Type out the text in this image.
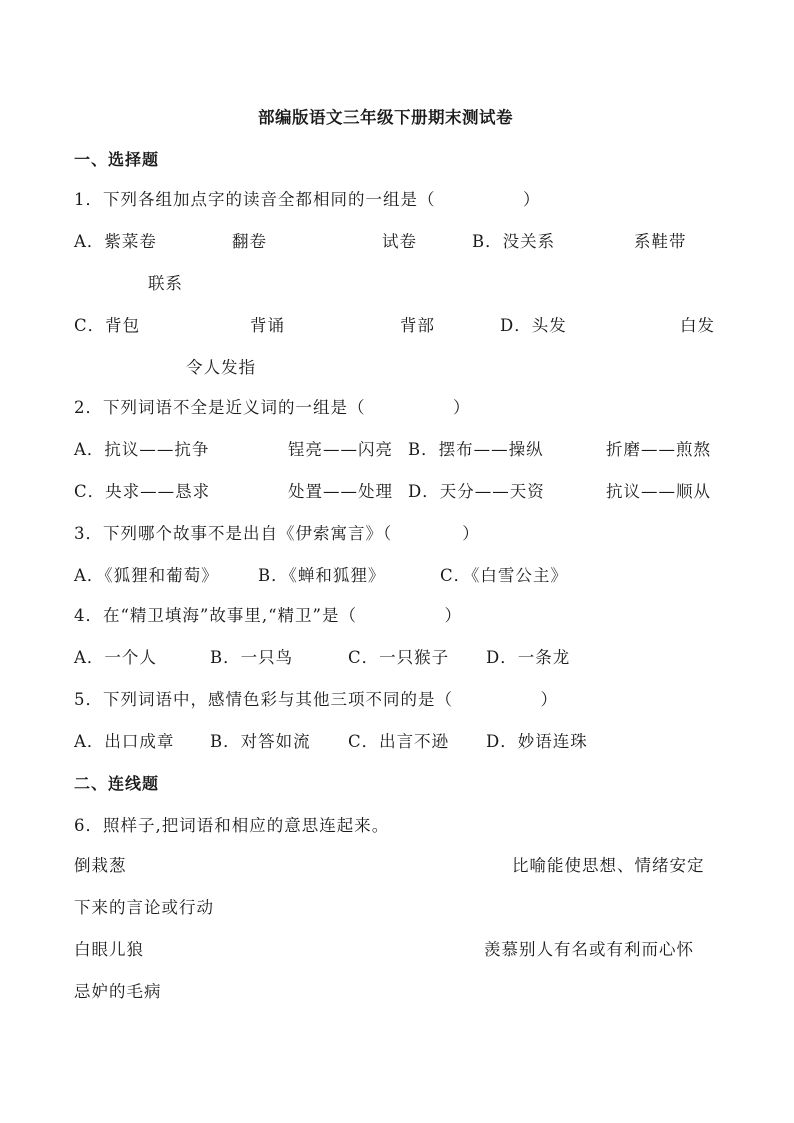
部编版语文三年级下册期末测试卷
一、选择题
1．下列各组加点字的读音全都相同的一组是（　　　　　）
A．紫菜卷	翻卷	试卷	B．没关系	系鞋带
联系
C．背包	背诵	背部	D．头发	白发
令人发指
2．下列词语不全是近义词的一组是（　　　　　）
A．抗议——抗争	锃亮——闪亮 B．摆布——操纵	折磨——煎熬
C．央求——恳求	处置——处理 D．天分——天资	抗议——顺从
3．下列哪个故事不是出自《伊索寓言》（　　　　）
A．《狐狸和葡萄》 B．《蝉和狐狸》	C．《白雪公主》
4．在“精卫填海”故事里,“精卫”是（　　　　　）
A．一个人	B．一只鸟	C．一只猴子 D．一条龙
5．下列词语中，感情色彩与其他三项不同的是（　　　　　）
A．出口成章 B．对答如流 C．出言不逊 D．妙语连珠
二、连线题
6．照样子,把词语和相应的意思连起来。
倒栽葱	比喻能使思想、情绪安定
下来的言论或行动
白眼儿狼	羡慕别人有名或有利而心怀
忌妒的毛病
